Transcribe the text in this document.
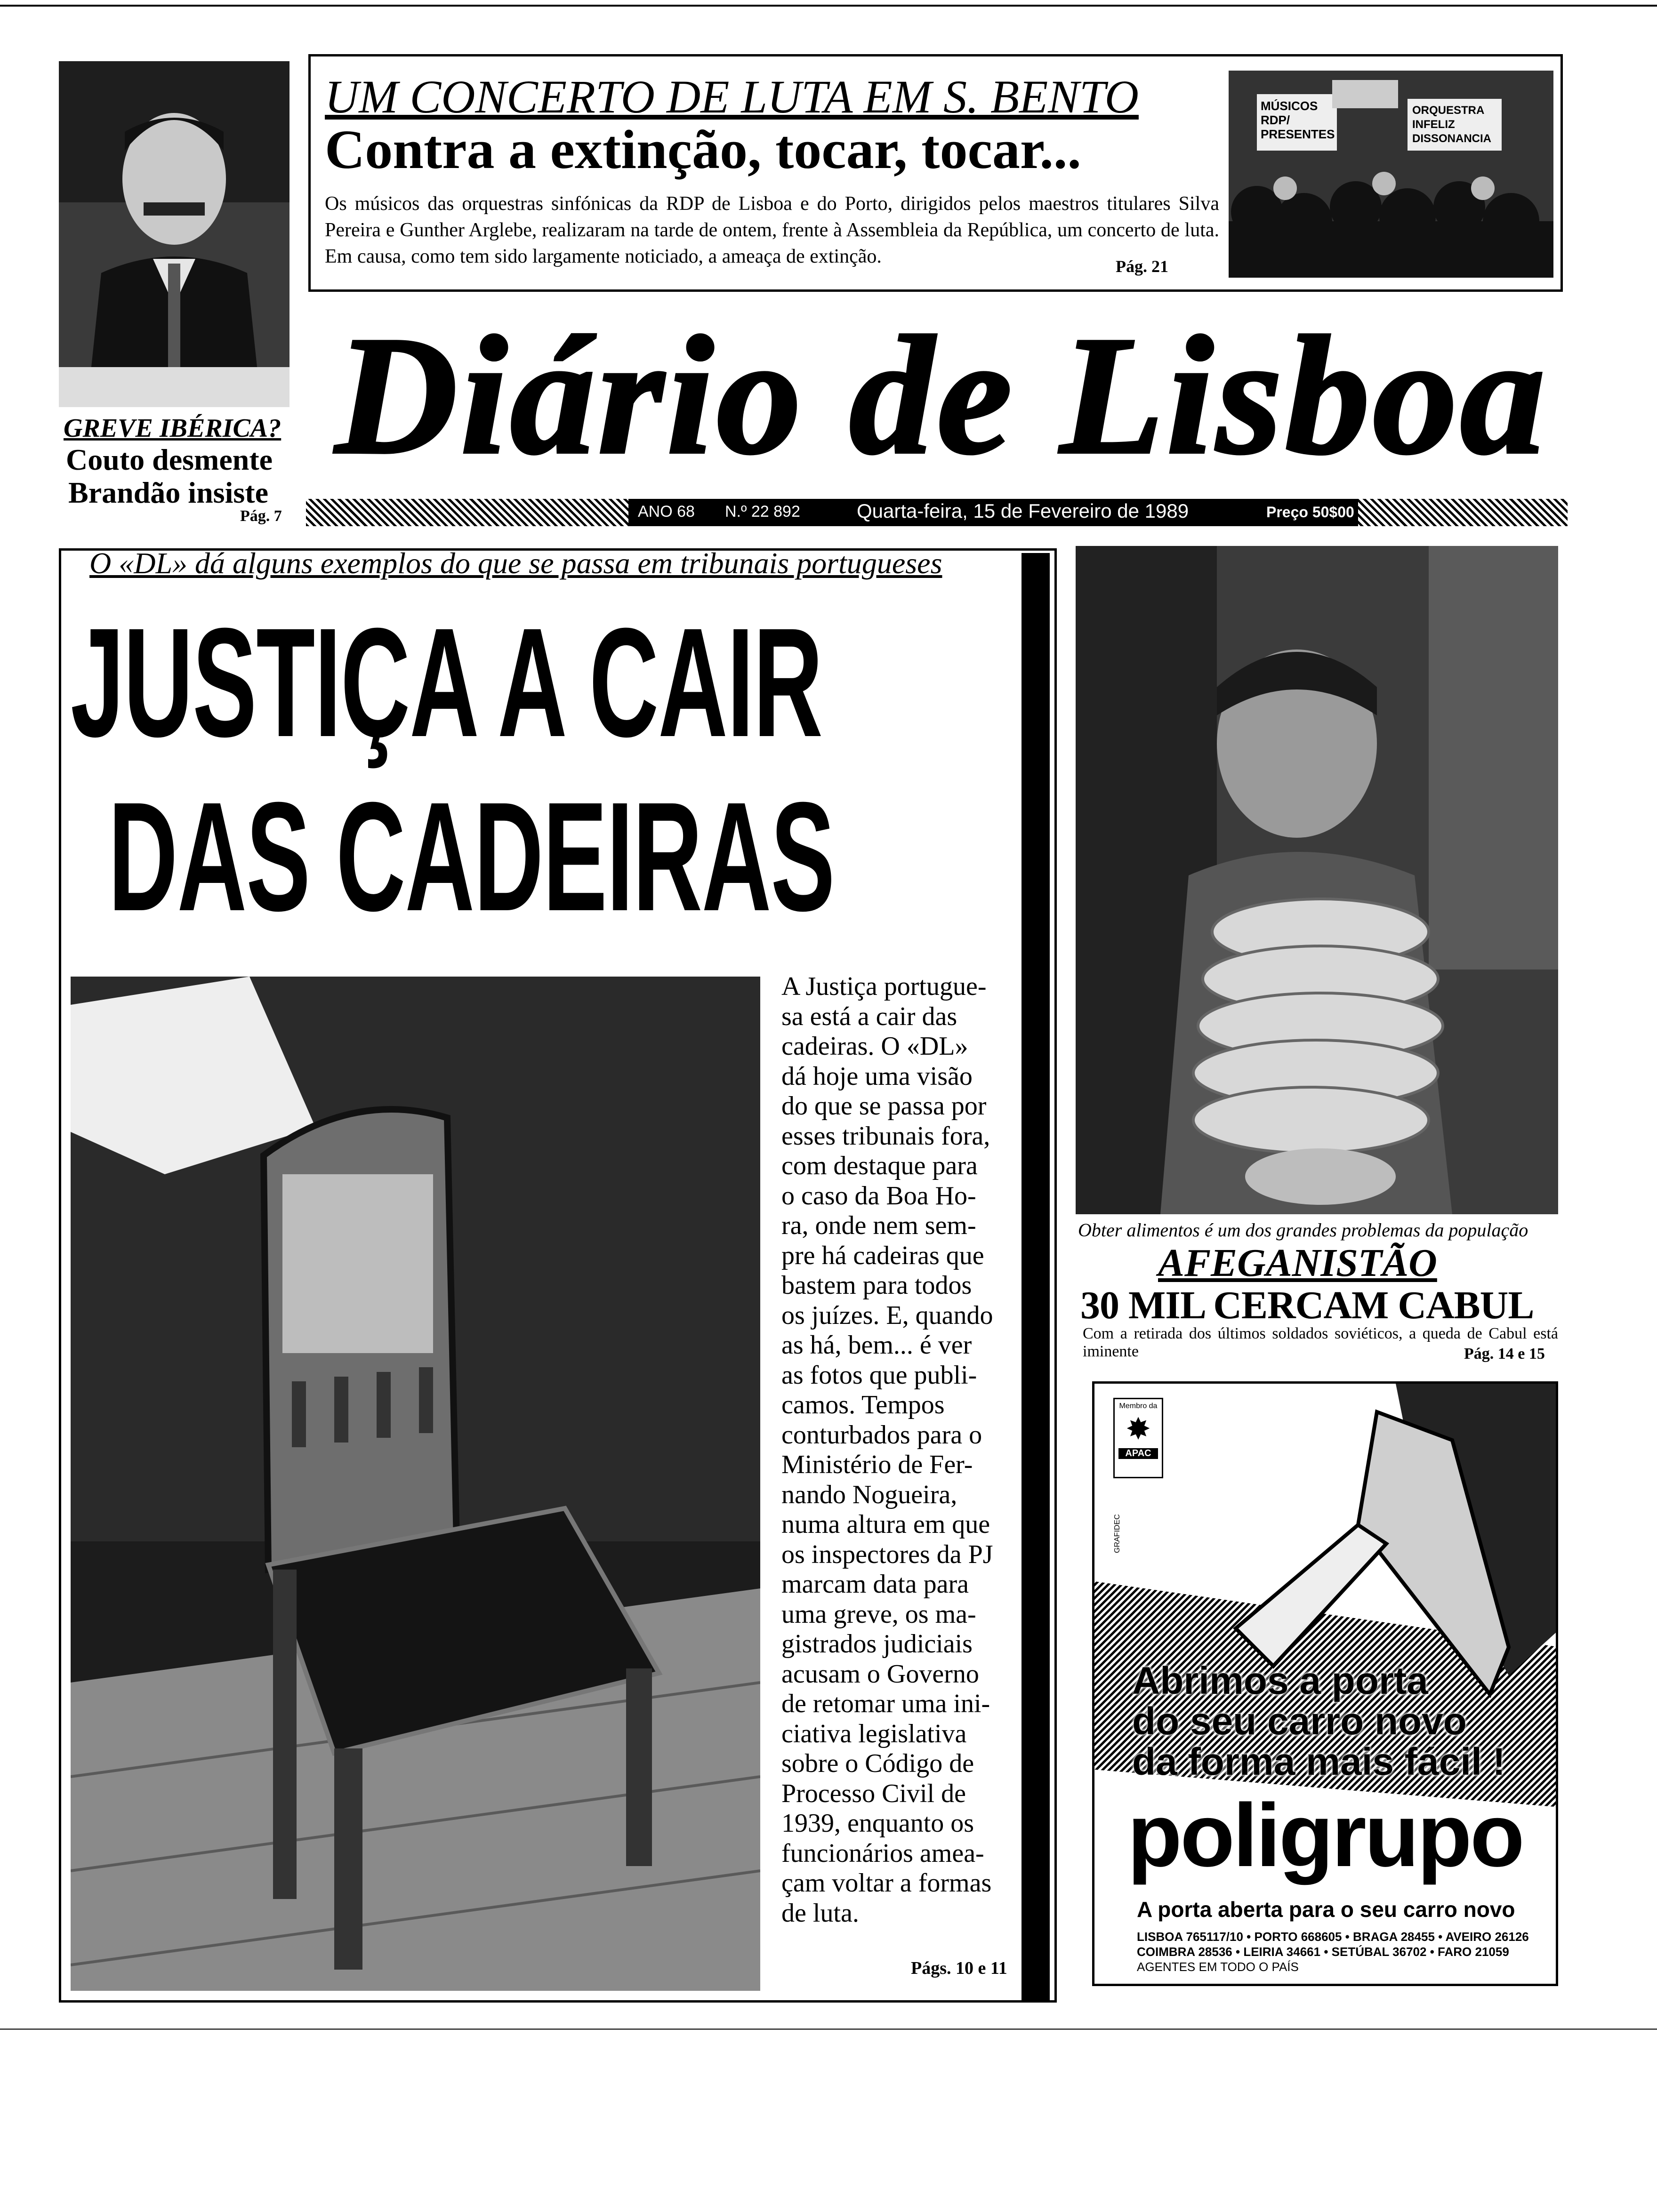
GREVE IBÉRICA?
Couto desmente
Brandão insiste
Pág. 7
UM CONCERTO DE LUTA EM S. BENTO
Contra a extinção, tocar, tocar...
Os músicos das orquestras sinfónicas da RDP de Lisboa e do Porto, dirigidos pelos maestros titulares Silva Pereira e Gunther Arglebe, realizaram na tarde de ontem, frente à Assembleia da República, um concerto de luta. Em causa, como tem sido largamente noticiado, a ameaça de extinção.	Pág. 21
MÚSICOS RDP/ PRESENTES
ORQUESTRA INFELIZ DISSONANCIA
Diário de Lisboa
ANO 68 N.º 22 892	Quarta-feira, 15 de Fevereiro de 1989	Preço 50$00
O «DL» dá alguns exemplos do que se passa em tribunais portugueses
JUSTIÇA A CAIR
DAS CADEIRAS
A Justiça portugue-
sa está a cair das
cadeiras. O «DL»
dá hoje uma visão
do que se passa por
esses tribunais fora,
com destaque para
o caso da Boa Ho-
ra, onde nem sem-
pre há cadeiras que
bastem para todos
os juízes. E, quando
as há, bem... é ver
as fotos que publi-
camos. Tempos
conturbados para o
Ministério de Fer-
nando Nogueira,
numa altura em que
os inspectores da PJ
marcam data para
uma greve, os ma-
gistrados judiciais
acusam o Governo
de retomar uma ini-
ciativa legislativa
sobre o Código de
Processo Civil de
1939, enquanto os
funcionários amea-
çam voltar a formas
de luta.
Págs. 10 e 11
Obter alimentos é um dos grandes problemas da população
AFEGANISTÃO
30 MIL CERCAM CABUL
Com a retirada dos últimos soldados soviéticos, a queda de Cabul está iminente	Pág. 14 e 15
Membro da
✸
APAC
GRAFIDEC
Abrimos a porta
do seu carro novo
da forma mais fácil !
poligrupo
A porta aberta para o seu carro novo
LISBOA 765117/10 • PORTO 668605 • BRAGA 28455 • AVEIRO 26126
COIMBRA 28536 • LEIRIA 34661 • SETÚBAL 36702 • FARO 21059
AGENTES EM TODO O PAÍS
